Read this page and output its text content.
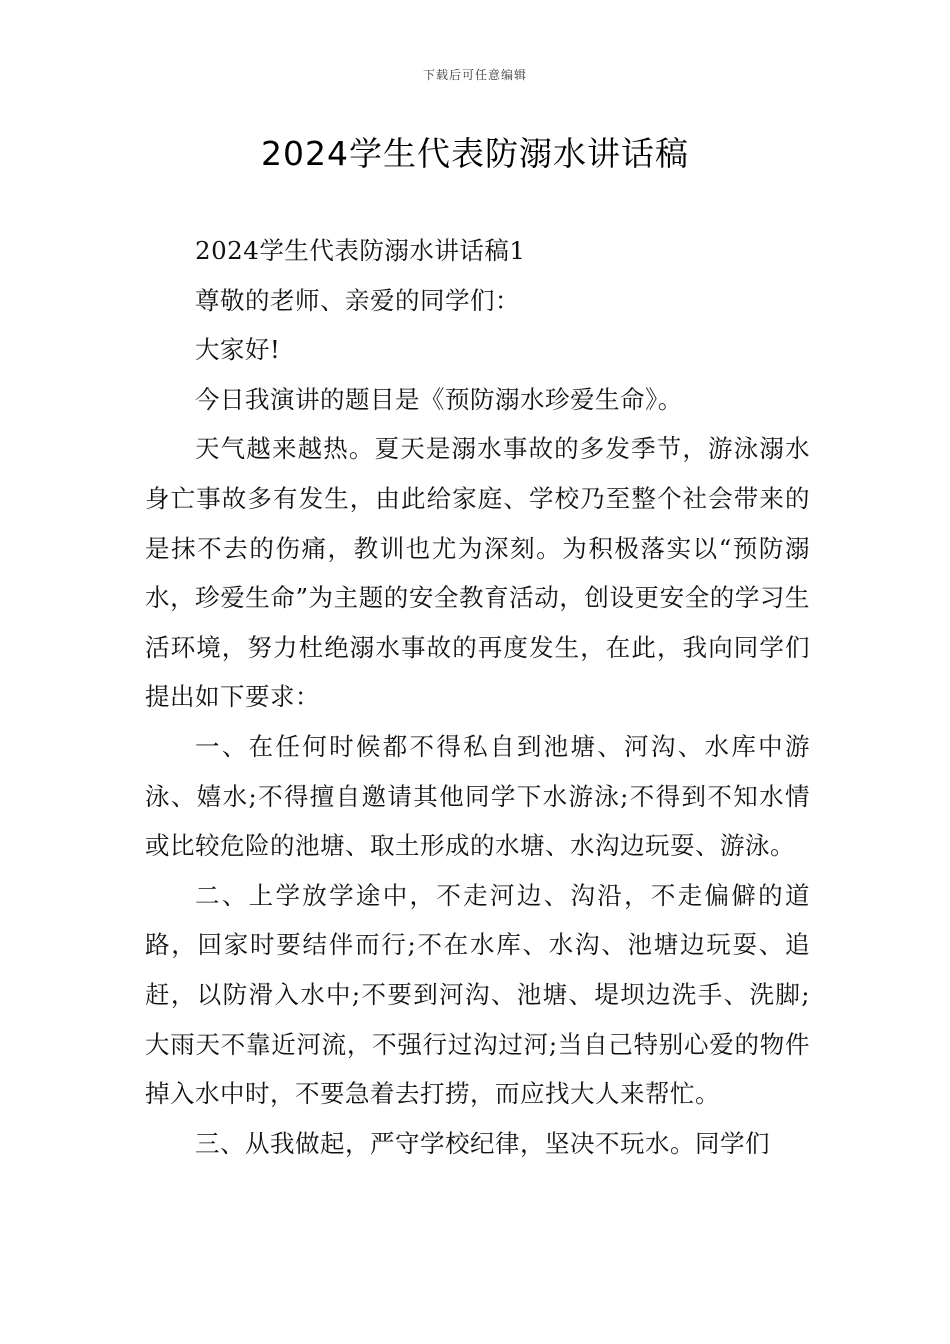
下载后可任意编辑
2024学生代表防溺水讲话稿

2024学生代表防溺水讲话稿1

尊敬的老师、亲爱的同学们：

大家好!

今日我演讲的题目是《预防溺水珍爱生命》。

天气越来越热。夏天是溺水事故的多发季节，游泳溺水身亡事故多有发生，由此给家庭、学校乃至整个社会带来的是抹不去的伤痛，教训也尤为深刻。为积极落实以“预防溺水，珍爱生命”为主题的安全教育活动，创设更安全的学习生活环境，努力杜绝溺水事故的再度发生，在此，我向同学们提出如下要求：

一、在任何时候都不得私自到池塘、河沟、水库中游泳、嬉水;不得擅自邀请其他同学下水游泳;不得到不知水情或比较危险的池塘、取土形成的水塘、水沟边玩耍、游泳。

二、上学放学途中，不走河边、沟沿，不走偏僻的道路，回家时要结伴而行;不在水库、水沟、池塘边玩耍、追赶，以防滑入水中;不要到河沟、池塘、堤坝边洗手、洗脚;大雨天不靠近河流，不强行过沟过河;当自己特别心爱的物件掉入水中时，不要急着去打捞，而应找大人来帮忙。

三、从我做起，严守学校纪律，坚决不玩水。同学们
